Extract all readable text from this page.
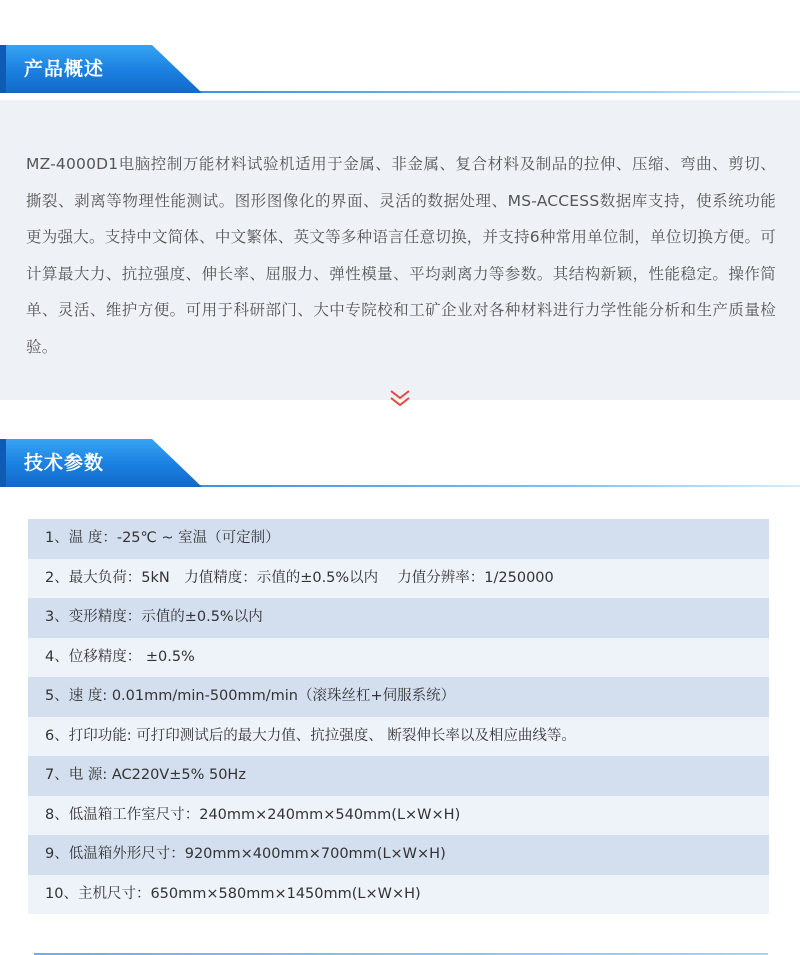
产品概述

MZ-4000D1电脑控制万能材料试验机适用于金属、非金属、复合材料及制品的拉伸、压缩、弯曲、剪切、撕裂、剥离等物理性能测试。图形图像化的界面、灵活的数据处理、MS-ACCESS数据库支持，使系统功能更为强大。支持中文简体、中文繁体、英文等多种语言任意切换，并支持6种常用单位制，单位切换方便。可计算最大力、抗拉强度、伸长率、屈服力、弹性模量、平均剥离力等参数。其结构新颖，性能稳定。操作简单、灵活、维护方便。可用于科研部门、大中专院校和工矿企业对各种材料进行力学性能分析和生产质量检验。

技术参数
1、温 度：-25℃ ~ 室温（可定制）
2、最大负荷：5kN　力值精度：示值的±0.5%以内　 力值分辨率：1/250000
3、变形精度：示值的±0.5%以内
4、位移精度： ±0.5%
5、速 度: 0.01mm/min-500mm/min（滚珠丝杠+伺服系统）
6、打印功能: 可打印测试后的最大力值、抗拉强度、 断裂伸长率以及相应曲线等。
7、电 源: AC220V±5% 50Hz
8、低温箱工作室尺寸：240mm×240mm×540mm(L×W×H)
9、低温箱外形尺寸：920mm×400mm×700mm(L×W×H)
10、主机尺寸：650mm×580mm×1450mm(L×W×H)
